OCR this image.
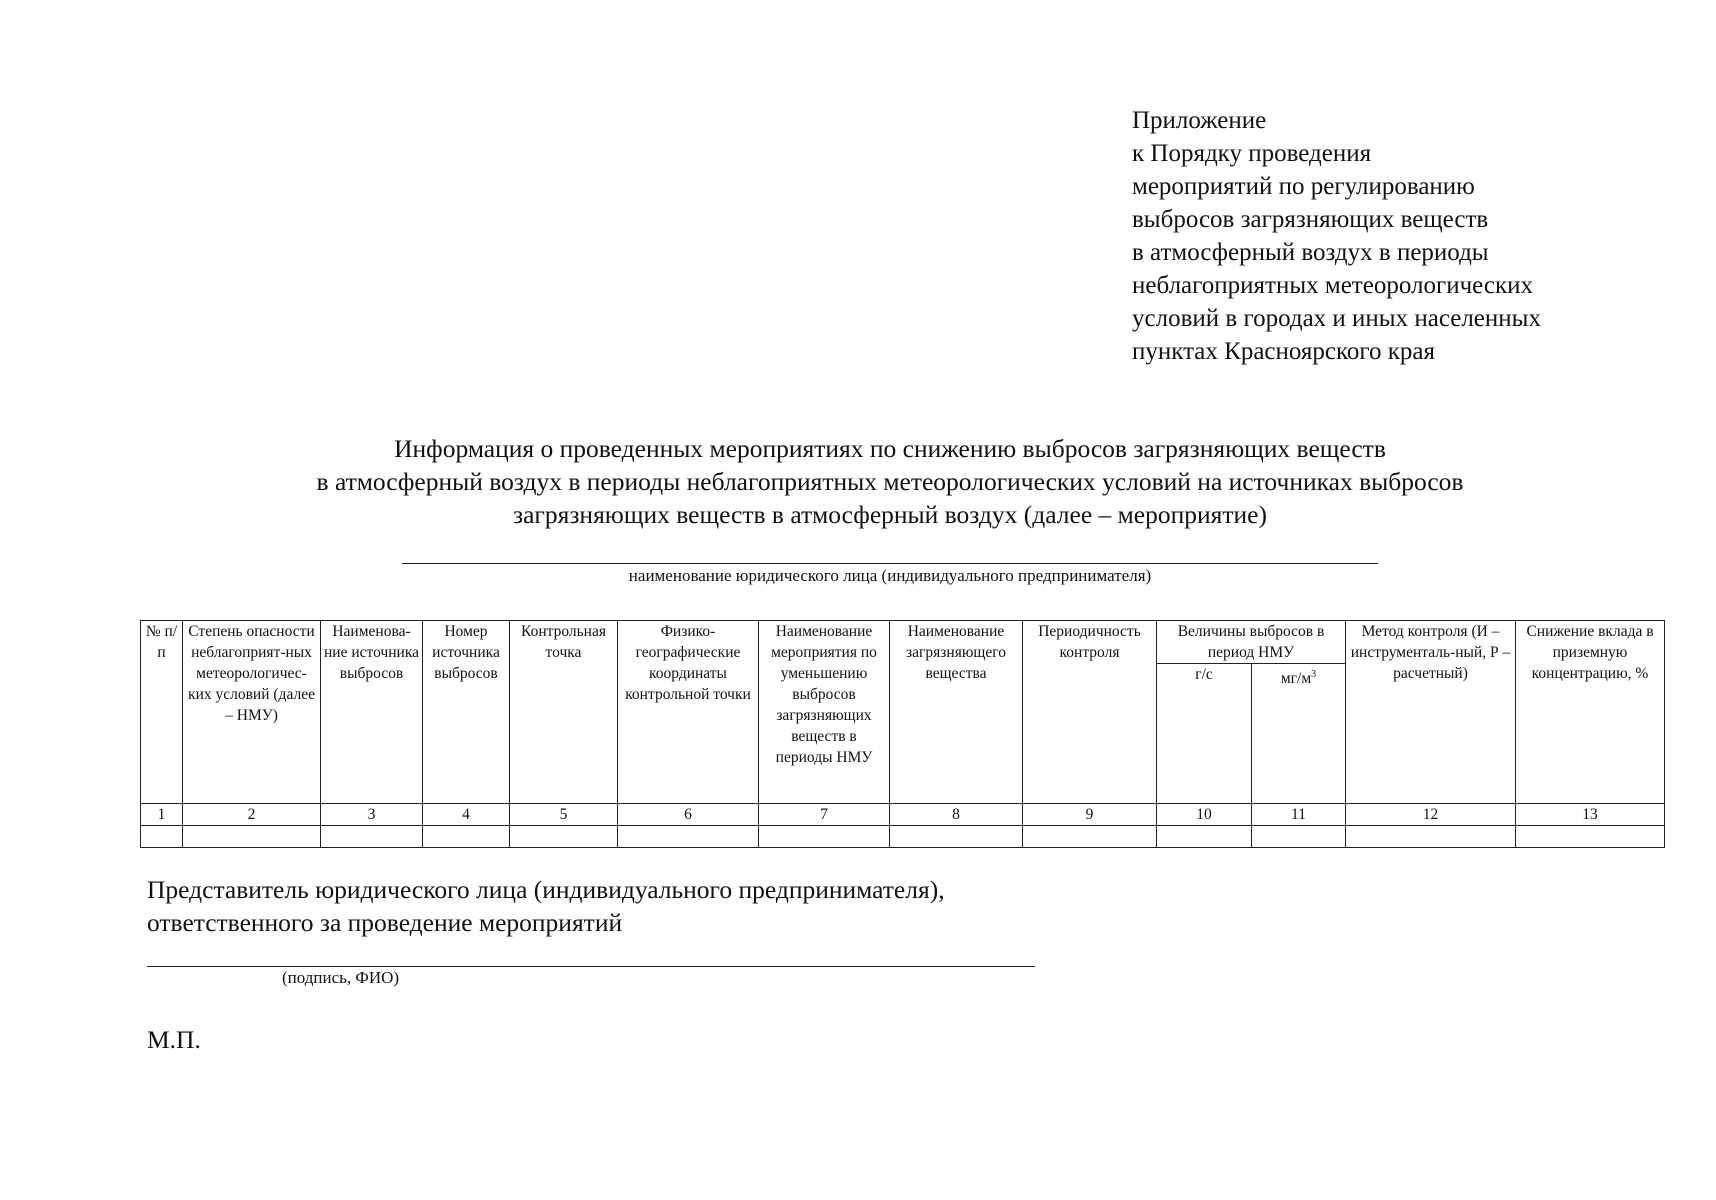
Приложение
к Порядку проведения
мероприятий по регулированию
выбросов загрязняющих веществ
в атмосферный воздух в периоды
неблагоприятных метеорологических
условий в городах и иных населенных
пунктах Красноярского края
Информация о проведенных мероприятиях по снижению выбросов загрязняющих веществ
в атмосферный воздух в периоды неблагоприятных метеорологических условий на источниках выбросов
загрязняющих веществ в атмосферный воздух (далее – мероприятие)
наименование юридического лица (индивидуального предпринимателя)
№ п/п	Степень опасности неблагоприят-ных метеорологичес-ких условий (далее – НМУ)	Наименова-ние источника выбросов	Номер источника выбросов	Контрольная точка	Физико-географические координаты контрольной точки	Наименование мероприятия по уменьшению выбросов загрязняющих веществ в периоды НМУ	Наименование загрязняющего вещества	Периодичность контроля	Величины выбросов в период НМУ		Метод контроля (И – инструменталь-ный, Р – расчетный)	Снижение вклада в приземную концентрацию, %
									г/с	$мг/м^3$
1	2	3	4	5	6	7	8	9	10	11	12	13

Представитель юридического лица (индивидуального предпринимателя),
ответственного за проведение мероприятий
(подпись, ФИО)
М.П.
